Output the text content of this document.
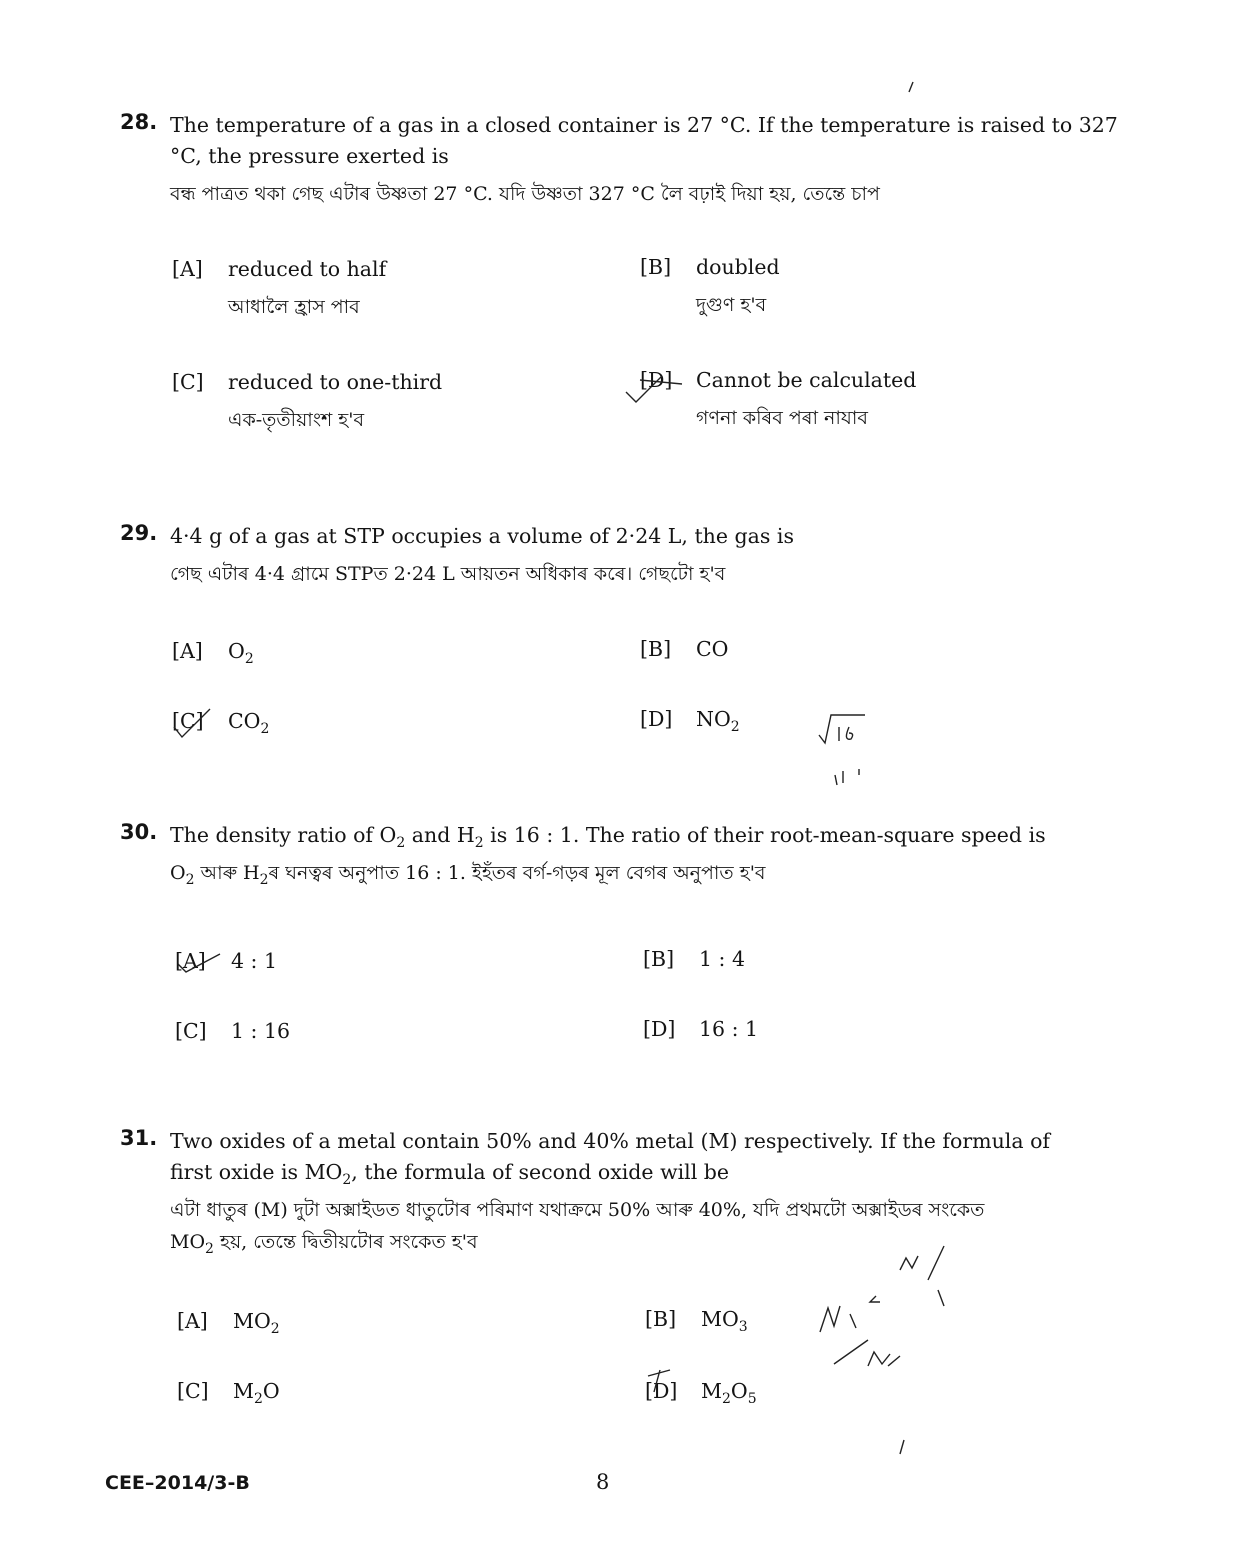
28. The temperature of a gas in a closed container is 27 °C. If the temperature is raised to 327 °C, the pressure exerted is
বন্ধ পাত্ৰত থকা গেছ এটাৰ উষ্ণতা 27 °C. যদি উষ্ণতা 327 °C লৈ বঢ়াই দিয়া হয়, তেন্তে চাপ
[A] reduced to half
আধালৈ হ্ৰাস পাব
[B] doubled
দুগুণ হ'ব
[C] reduced to one-third
এক-তৃতীয়াংশ হ'ব
[D] Cannot be calculated
গণনা কৰিব পৰা নাযাব
29. 4·4 g of a gas at STP occupies a volume of 2·24 L, the gas is
গেছ এটাৰ 4·4 গ্ৰামে STPত 2·24 L আয়তন অধিকাৰ কৰে। গেছটো হ'ব
[A] $O_2$	[B] CO
[C] $CO_2$	[D] $NO_2$
30. The density ratio of $O_2$ and $H_2$ is 16 : 1. The ratio of their root-mean-square speed is
$O_2$ আৰু $H_2ৰ$ ঘনত্বৰ অনুপাত 16 : 1. ইহঁতৰ বৰ্গ-গড়ৰ মূল বেগৰ অনুপাত হ'ব
[A] 4 : 1	[B] 1 : 4
[C] 1 : 16	[D] 16 : 1
31. Two oxides of a metal contain 50% and 40% metal (M) respectively. If the formula of
first oxide is $MO_2$, the formula of second oxide will be
এটা ধাতুৰ (M) দুটা অক্সাইডত ধাতুটোৰ পৰিমাণ যথাক্ৰমে 50% আৰু 40%, যদি প্ৰথমটো অক্সাইডৰ সংকেত
$MO_2$ হয়, তেন্তে দ্বিতীয়টোৰ সংকেত হ'ব
[A] $MO_2$	[B] $MO_3$
[C] $M_2O$	[D] $M_2O_5$
CEE–2014/3-B	8
